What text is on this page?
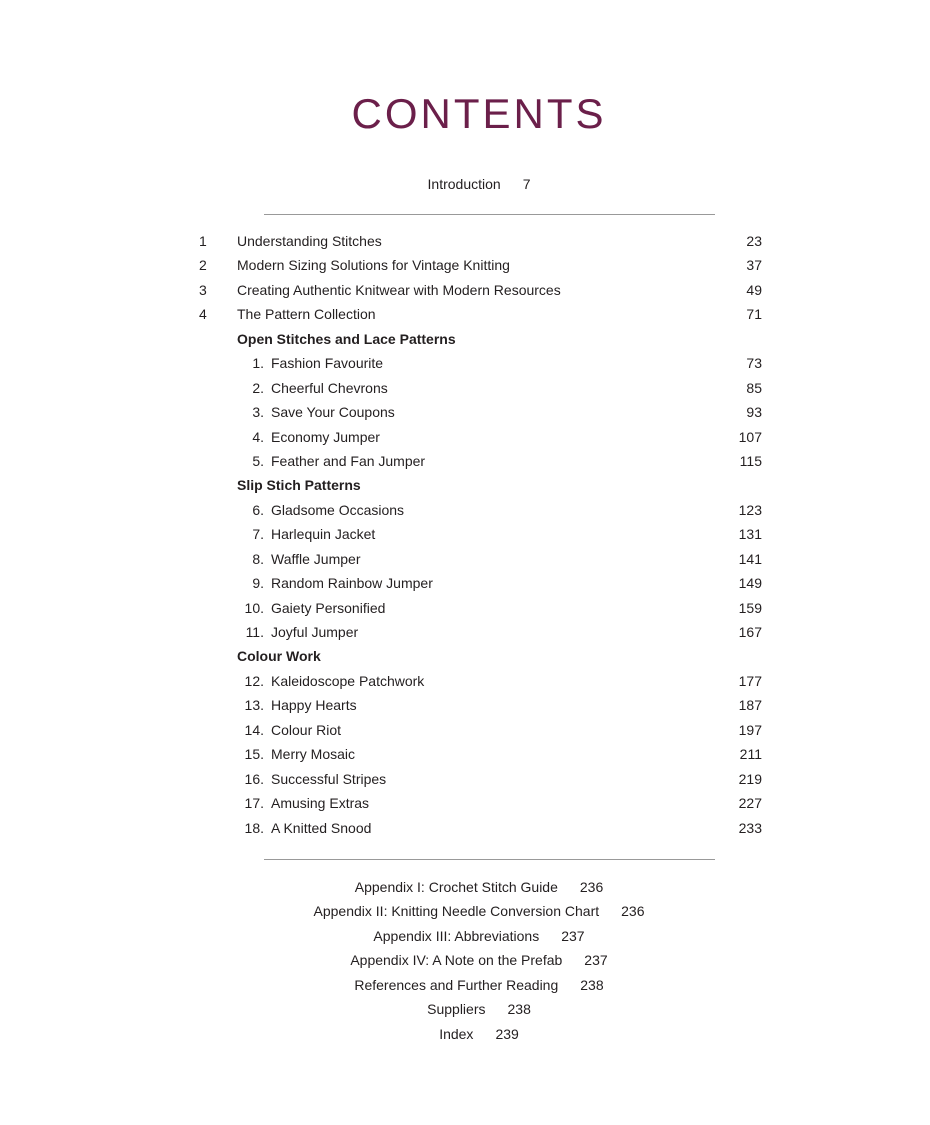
CONTENTS
Introduction 7
1 Understanding Stitches	23
2 Modern Sizing Solutions for Vintage Knitting	37
3 Creating Authentic Knitwear with Modern Resources	49
4 The Pattern Collection	71
Open Stitches and Lace Patterns
1. Fashion Favourite	73
2. Cheerful Chevrons	85
3. Save Your Coupons	93
4. Economy Jumper	107
5. Feather and Fan Jumper	115
Slip Stich Patterns
6. Gladsome Occasions	123
7. Harlequin Jacket	131
8. Waffle Jumper	141
9. Random Rainbow Jumper	149
10. Gaiety Personified	159
11. Joyful Jumper	167
Colour Work
12. Kaleidoscope Patchwork	177
13. Happy Hearts	187
14. Colour Riot	197
15. Merry Mosaic	211
16. Successful Stripes	219
17. Amusing Extras	227
18. A Knitted Snood	233
Appendix I: Crochet Stitch Guide 236
Appendix II: Knitting Needle Conversion Chart 236
Appendix III: Abbreviations 237
Appendix IV: A Note on the Prefab 237
References and Further Reading 238
Suppliers 238
Index 239
